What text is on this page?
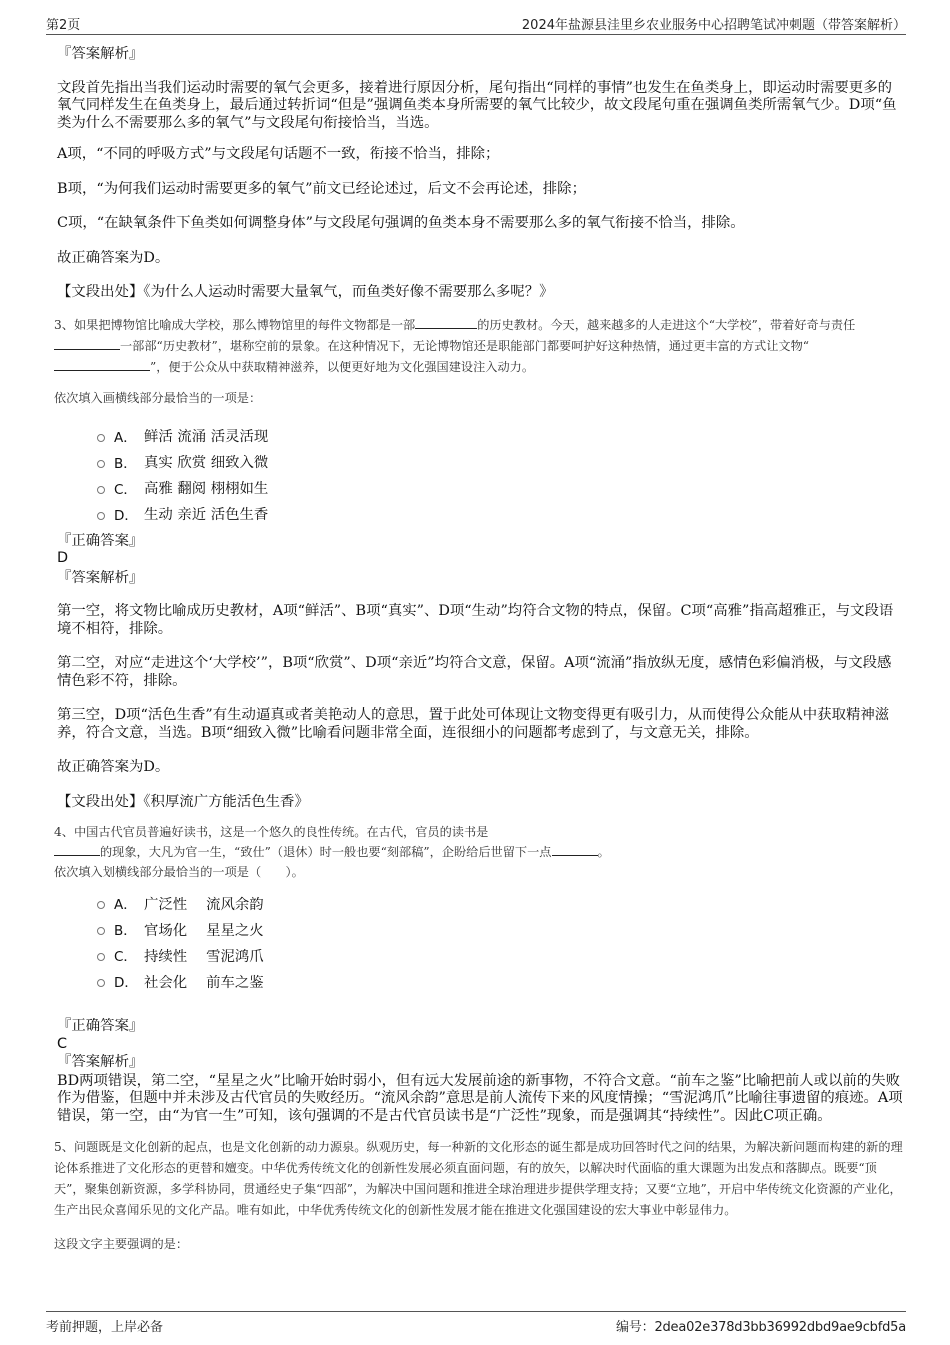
第2页	2024年盐源县洼里乡农业服务中心招聘笔试冲刺题（带答案解析）

『答案解析』

文段首先指出当我们运动时需要的氧气会更多，接着进行原因分析，尾句指出“同样的事情”也发生在鱼类身上，即运动时需要更多的氧气同样发生在鱼类身上，最后通过转折词“但是”强调鱼类本身所需要的氧气比较少，故文段尾句重在强调鱼类所需氧气少。D项“鱼类为什么不需要那么多的氧气”与文段尾句衔接恰当，当选。

A项，“不同的呼吸方式”与文段尾句话题不一致，衔接不恰当，排除；

B项，“为何我们运动时需要更多的氧气”前文已经论述过，后文不会再论述，排除；

C项，“在缺氧条件下鱼类如何调整身体”与文段尾句强调的鱼类本身不需要那么多的氧气衔接不恰当，排除。

故正确答案为D。

【文段出处】《为什么人运动时需要大量氧气，而鱼类好像不需要那么多呢？》

3、如果把博物馆比喻成大学校，那么博物馆里的每件文物都是一部	的历史教材。今天，越来越多的人走进这个“大学校”，带着好奇与责任 一部部“历史教材”，堪称空前的景象。在这种情况下，无论博物馆还是职能部门都要呵护好这种热情，通过更丰富的方式让文物“ ”，便于公众从中获取精神滋养，以便更好地为文化强国建设注入动力。

依次填入画横线部分最恰当的一项是：

A． 鲜活 流涌 活灵活现
B． 真实 欣赏 细致入微
C． 高雅 翻阅 栩栩如生
D． 生动 亲近 活色生香

『正确答案』

D

『答案解析』

第一空，将文物比喻成历史教材，A项“鲜活”、B项“真实”、D项“生动”均符合文物的特点，保留。C项“高雅”指高超雅正，与文段语境不相符，排除。

第二空，对应“走进这个‘大学校’”，B项“欣赏”、D项“亲近”均符合文意，保留。A项“流涌”指放纵无度，感情色彩偏消极，与文段感情色彩不符，排除。

第三空，D项“活色生香”有生动逼真或者美艳动人的意思，置于此处可体现让文物变得更有吸引力，从而使得公众能从中获取精神滋养，符合文意，当选。B项“细致入微”比喻看问题非常全面，连很细小的问题都考虑到了，与文意无关，排除。

故正确答案为D。

【文段出处】《积厚流广方能活色生香》

4、中国古代官员普遍好读书，这是一个悠久的良性传统。在古代，官员的读书是
的现象，大凡为官一生，“致仕”（退休）时一般也要“刻部稿”，企盼给后世留下一点	。
依次填入划横线部分最恰当的一项是（　　）。
A． 广泛性　 流风余韵
B． 官场化　 星星之火
C． 持续性　 雪泥鸿爪
D． 社会化　 前车之鉴

『正确答案』

C

『答案解析』

BD两项错误，第二空，“星星之火”比喻开始时弱小，但有远大发展前途的新事物，不符合文意。“前车之鉴”比喻把前人或以前的失败作为借鉴，但题中并未涉及古代官员的失败经历。“流风余韵”意思是前人流传下来的风度情操；“雪泥鸿爪”比喻往事遗留的痕迹。A项错误，第一空，由“为官一生”可知，该句强调的不是古代官员读书是“广泛性”现象，而是强调其“持续性”。因此C项正确。

5、问题既是文化创新的起点，也是文化创新的动力源泉。纵观历史，每一种新的文化形态的诞生都是成功回答时代之问的结果，为解决新问题而构建的新的理论体系推进了文化形态的更替和嬗变。中华优秀传统文化的创新性发展必须直面问题，有的放矢，以解决时代面临的重大课题为出发点和落脚点。既要“顶天”，聚集创新资源，多学科协同，贯通经史子集“四部”，为解决中国问题和推进全球治理进步提供学理支持；又要“立地”，开启中华传统文化资源的产业化，生产出民众喜闻乐见的文化产品。唯有如此，中华优秀传统文化的创新性发展才能在推进文化强国建设的宏大事业中彰显伟力。

这段文字主要强调的是：

考前押题，上岸必备	编号：2dea02e378d3bb36992dbd9ae9cbfd5a
